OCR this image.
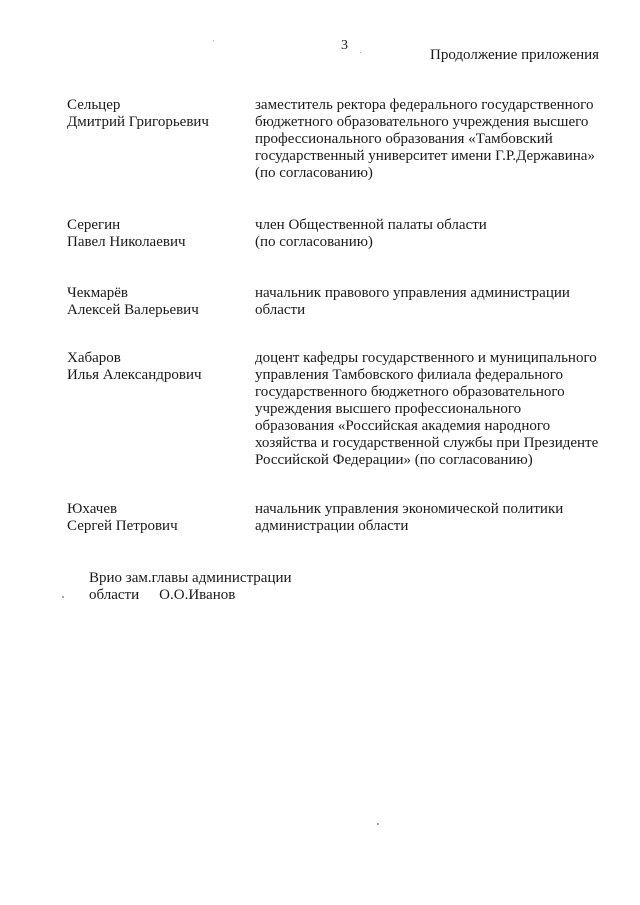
3
Продолжение приложения
Сельцер
Дмитрий Григорьевич
заместитель ректора федерального государственного
бюджетного образовательного учреждения высшего
профессионального образования «Тамбовский
государственный университет имени Г.Р.Державина»
(по согласованию)
Серегин
Павел Николаевич
член Общественной палаты области
(по согласованию)
Чекмарёв
Алексей Валерьевич
начальник правового управления администрации
области
Хабаров
Илья Александрович
доцент кафедры государственного и муниципального
управления Тамбовского филиала федерального
государственного бюджетного образовательного
учреждения высшего профессионального
образования «Российская академия народного
хозяйства и государственной службы при Президенте
Российской Федерации» (по согласованию)
Юхачев
Сергей Петрович
начальник управления экономической политики
администрации области
Врио зам.главы администрации
области О.О.Иванов
